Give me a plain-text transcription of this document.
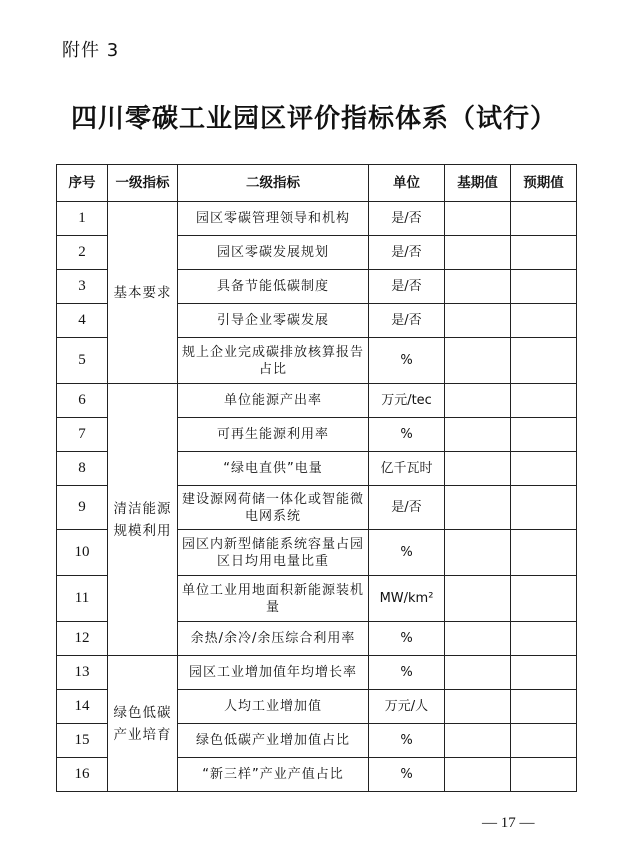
附件 3
四川零碳工业园区评价指标体系（试行）
序号	一级指标	二级指标	单位	基期值	预期值
1	基本要求	园区零碳管理领导和机构	是/否		
2		园区零碳发展规划	是/否		
3		具备节能低碳制度	是/否		
4		引导企业零碳发展	是/否		
5		规上企业完成碳排放核算报告占比	%		
6	清洁能源规模利用	单位能源产出率	万元/tec		
7		可再生能源利用率	%		
8		“绿电直供”电量	亿千瓦时		
9		建设源网荷储一体化或智能微电网系统	是/否		
10		园区内新型储能系统容量占园区日均用电量比重	%		
11		单位工业用地面积新能源装机量	MW/km²		
12		余热/余冷/余压综合利用率	%		
13	绿色低碳产业培育	园区工业增加值年均增长率	%		
14		人均工业增加值	万元/人		
15		绿色低碳产业增加值占比	%		
16		“新三样”产业产值占比	%		
— 17 —
